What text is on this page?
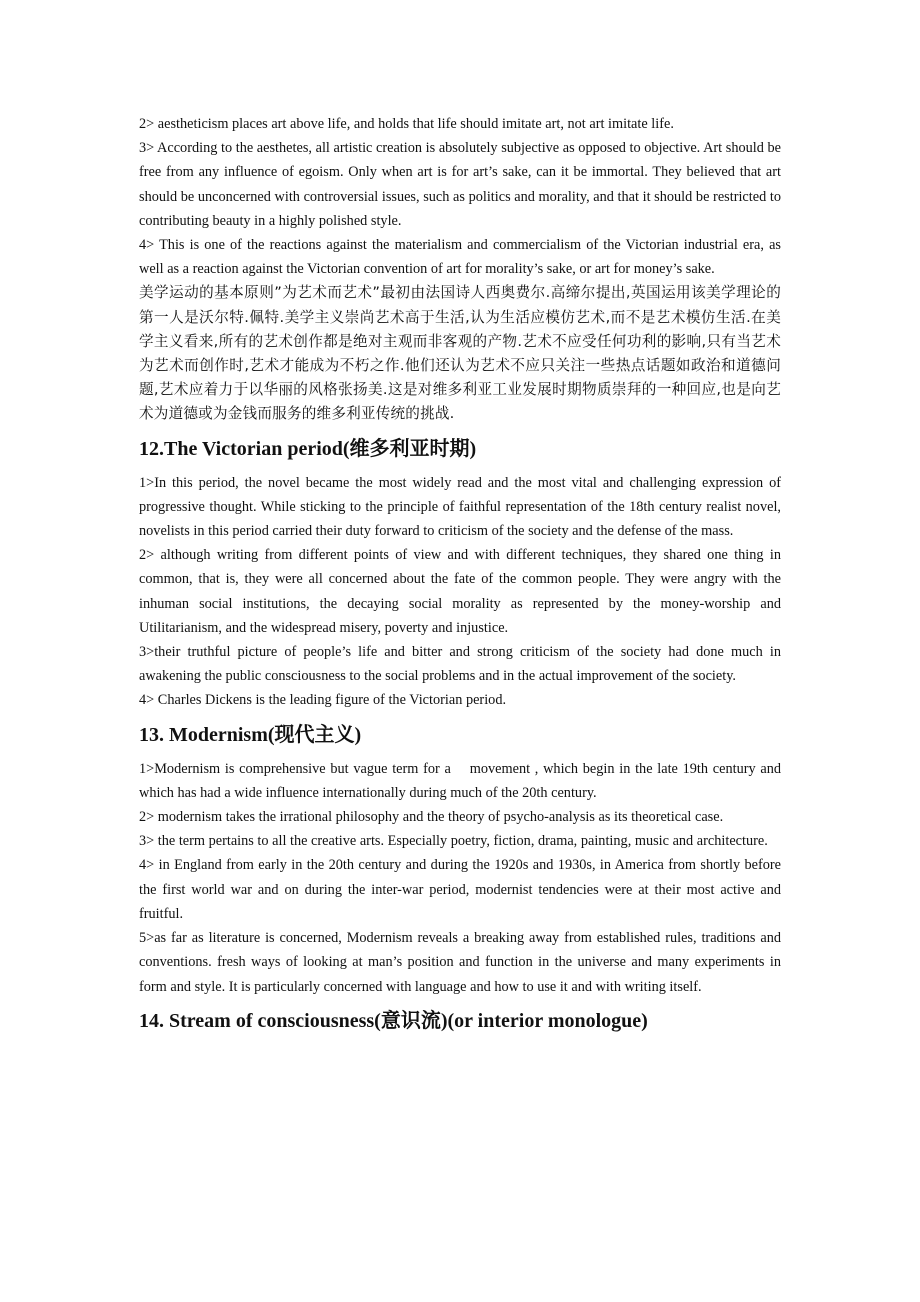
2> aestheticism places art above life, and holds that life should imitate art, not art imitate life.

3> According to the aesthetes, all artistic creation is absolutely subjective as opposed to objective. Art should be free from any influence of egoism. Only when art is for art’s sake, can it be immortal. They believed that art should be unconcerned with controversial issues, such as politics and morality, and that it should be restricted to contributing beauty in a highly polished style.

4> This is one of the reactions against the materialism and commercialism of the Victorian industrial era, as well as a reaction against the Victorian convention of art for morality’s sake, or art for money’s sake.

美学运动的基本原则”为艺术而艺术”最初由法国诗人西奥费尔.高缔尔提出,英国运用该美学理论的第一人是沃尔特.佩特.美学主义崇尚艺术高于生活,认为生活应模仿艺术,而不是艺术模仿生活.在美学主义看来,所有的艺术创作都是绝对主观而非客观的产物.艺术不应受任何功利的影响,只有当艺术为艺术而创作时,艺术才能成为不朽之作.他们还认为艺术不应只关注一些热点话题如政治和道德问题,艺术应着力于以华丽的风格张扬美.这是对维多利亚工业发展时期物质崇拜的一种回应,也是向艺术为道德或为金钱而服务的维多利亚传统的挑战.

12.The Victorian period(维多利亚时期)

1>In this period, the novel became the most widely read and the most vital and challenging expression of progressive thought. While sticking to the principle of faithful representation of the 18th century realist novel, novelists in this period carried their duty forward to criticism of the society and the defense of the mass.

2> although writing from different points of view and with different techniques, they shared one thing in common, that is, they were all concerned about the fate of the common people. They were angry with the inhuman social institutions, the decaying social morality as represented by the money-worship and Utilitarianism, and the widespread misery, poverty and injustice.

3>their truthful picture of people’s life and bitter and strong criticism of the society had done much in awakening the public consciousness to the social problems and in the actual improvement of the society.

4> Charles Dickens is the leading figure of the Victorian period.

13. Modernism(现代主义)

1>Modernism is comprehensive but vague term for a    movement , which begin in the late 19th century and which has had a wide influence internationally during much of the 20th century.

2> modernism takes the irrational philosophy and the theory of psycho-analysis as its theoretical case.

3> the term pertains to all the creative arts. Especially poetry, fiction, drama, painting, music and architecture.

4> in England from early in the 20th century and during the 1920s and 1930s, in America from shortly before the first world war and on during the inter-war period, modernist tendencies were at their most active and fruitful.

5>as far as literature is concerned, Modernism reveals a breaking away from established rules, traditions and conventions. fresh ways of looking at man’s position and function in the universe and many experiments in form and style. It is particularly concerned with language and how to use it and with writing itself.

14. Stream of consciousness(意识流)(or interior monologue)
